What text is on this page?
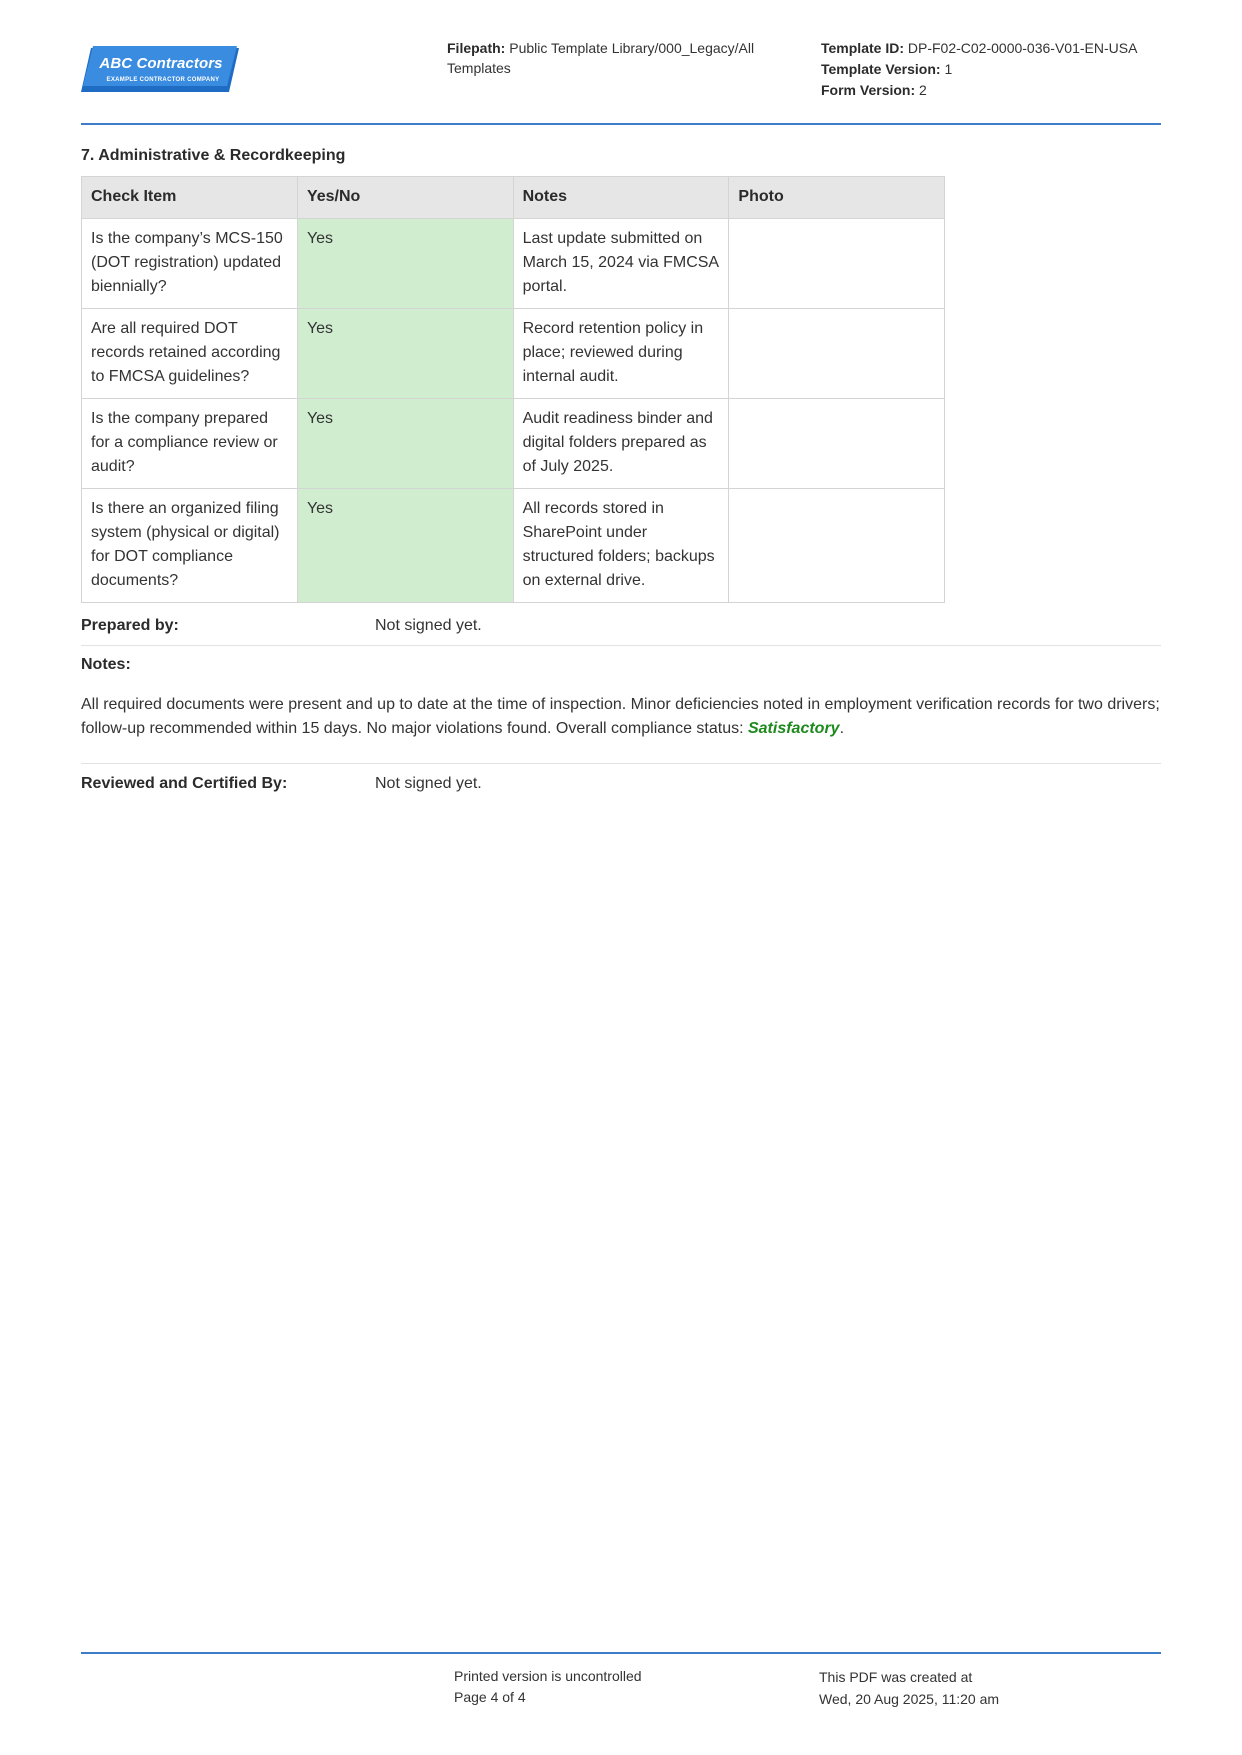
ABC Contractors
EXAMPLE CONTRACTOR COMPANY
Filepath: Public Template Library/000_Legacy/All Templates
Template ID: DP-F02-C02-0000-036-V01-EN-USA
Template Version: 1
Form Version: 2
7. Administrative & Recordkeeping
Check Item	Yes/No	Notes	Photo
Is the company’s MCS-150 (DOT registration) updated biennially?	Yes	Last update submitted on March 15, 2024 via FMCSA portal.	
Are all required DOT records retained according to FMCSA guidelines?	Yes	Record retention policy in place; reviewed during internal audit.	
Is the company prepared for a compliance review or audit?	Yes	Audit readiness binder and digital folders prepared as of July 2025.	
Is there an organized filing system (physical or digital) for DOT compliance documents?	Yes	All records stored in SharePoint under structured folders; backups on external drive.	
Prepared by:	Not signed yet.
Notes:
All required documents were present and up to date at the time of inspection. Minor deficiencies noted in employment verification records for two drivers; follow-up recommended within 15 days. No major violations found. Overall compliance status: Satisfactory.
Reviewed and Certified By:	Not signed yet.
Printed version is uncontrolled
Page 4 of 4
This PDF was created at
Wed, 20 Aug 2025, 11:20 am
